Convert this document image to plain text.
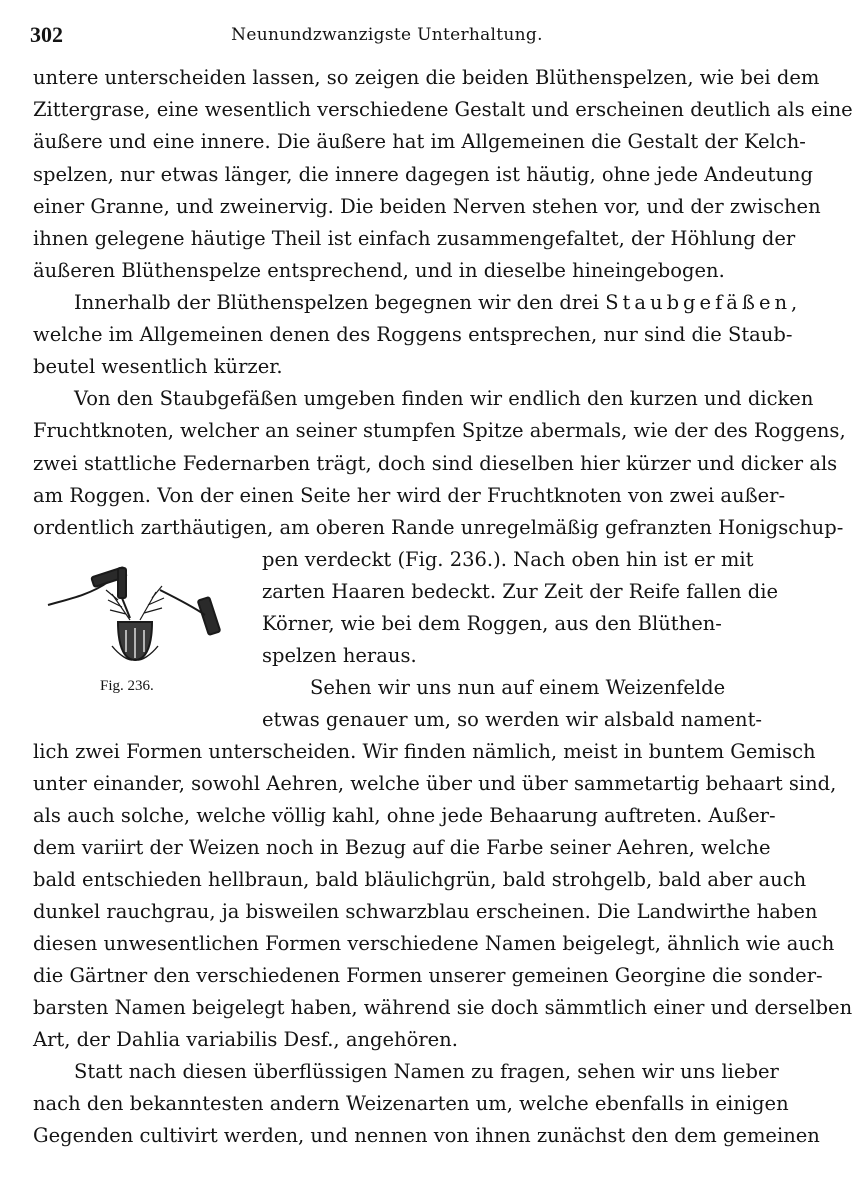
302	Neunundzwanzigste Unterhaltung.
untere unterscheiden lassen, so zeigen die beiden Blüthenspelzen, wie bei dem
Zittergrase, eine wesentlich verschiedene Gestalt und erscheinen deutlich als eine
äußere und eine innere. Die äußere hat im Allgemeinen die Gestalt der Kelch-
spelzen, nur etwas länger, die innere dagegen ist häutig, ohne jede Andeutung
einer Granne, und zweinervig. Die beiden Nerven stehen vor, und der zwischen
ihnen gelegene häutige Theil ist einfach zusammengefaltet, der Höhlung der
äußeren Blüthenspelze entsprechend, und in dieselbe hineingebogen.
Innerhalb der Blüthenspelzen begegnen wir den drei Staubgefäßen,
welche im Allgemeinen denen des Roggens entsprechen, nur sind die Staub-
beutel wesentlich kürzer.
Von den Staubgefäßen umgeben finden wir endlich den kurzen und dicken
Fruchtknoten, welcher an seiner stumpfen Spitze abermals, wie der des Roggens,
zwei stattliche Federnarben trägt, doch sind dieselben hier kürzer und dicker als
am Roggen. Von der einen Seite her wird der Fruchtknoten von zwei außer-
ordentlich zarthäutigen, am oberen Rande unregelmäßig gefranzten Honigschup-
pen verdeckt (Fig. 236.). Nach oben hin ist er mit
zarten Haaren bedeckt. Zur Zeit der Reife fallen die
Körner, wie bei dem Roggen, aus den Blüthen-
spelzen heraus.
Fig. 236.	Sehen wir uns nun auf einem Weizenfelde
etwas genauer um, so werden wir alsbald nament-
lich zwei Formen unterscheiden. Wir finden nämlich, meist in buntem Gemisch
unter einander, sowohl Aehren, welche über und über sammetartig behaart sind,
als auch solche, welche völlig kahl, ohne jede Behaarung auftreten. Außer-
dem variirt der Weizen noch in Bezug auf die Farbe seiner Aehren, welche
bald entschieden hellbraun, bald bläulichgrün, bald strohgelb, bald aber auch
dunkel rauchgrau, ja bisweilen schwarzblau erscheinen. Die Landwirthe haben
diesen unwesentlichen Formen verschiedene Namen beigelegt, ähnlich wie auch
die Gärtner den verschiedenen Formen unserer gemeinen Georgine die sonder-
barsten Namen beigelegt haben, während sie doch sämmtlich einer und derselben
Art, der Dahlia variabilis Desf., angehören.
Statt nach diesen überflüssigen Namen zu fragen, sehen wir uns lieber
nach den bekanntesten andern Weizenarten um, welche ebenfalls in einigen
Gegenden cultivirt werden, und nennen von ihnen zunächst den dem gemeinen
